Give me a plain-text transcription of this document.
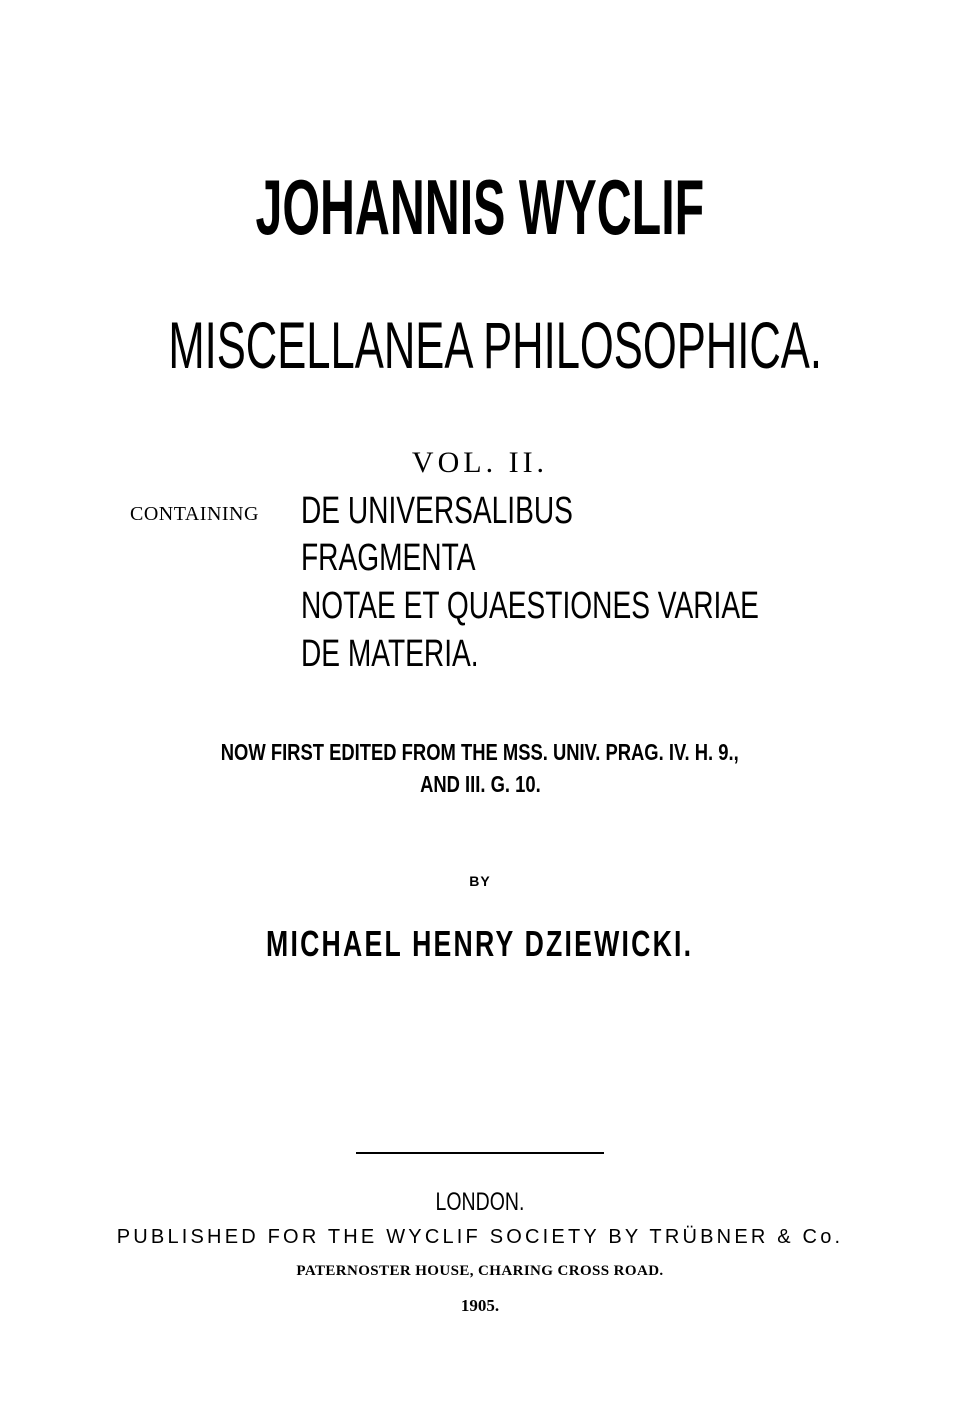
JOHANNIS WYCLIF
MISCELLANEA PHILOSOPHICA.
VOL. II.
CONTAINING DE UNIVERSALIBUS
FRAGMENTA
NOTAE ET QUAESTIONES VARIAE
DE MATERIA.
NOW FIRST EDITED FROM THE MSS. UNIV. PRAG. IV. H. 9.,
AND III. G. 10.
BY
MICHAEL HENRY DZIEWICKI.
LONDON.
PUBLISHED FOR THE WYCLIF SOCIETY BY TRÜBNER & Co.
PATERNOSTER HOUSE, CHARING CROSS ROAD.
1905.
